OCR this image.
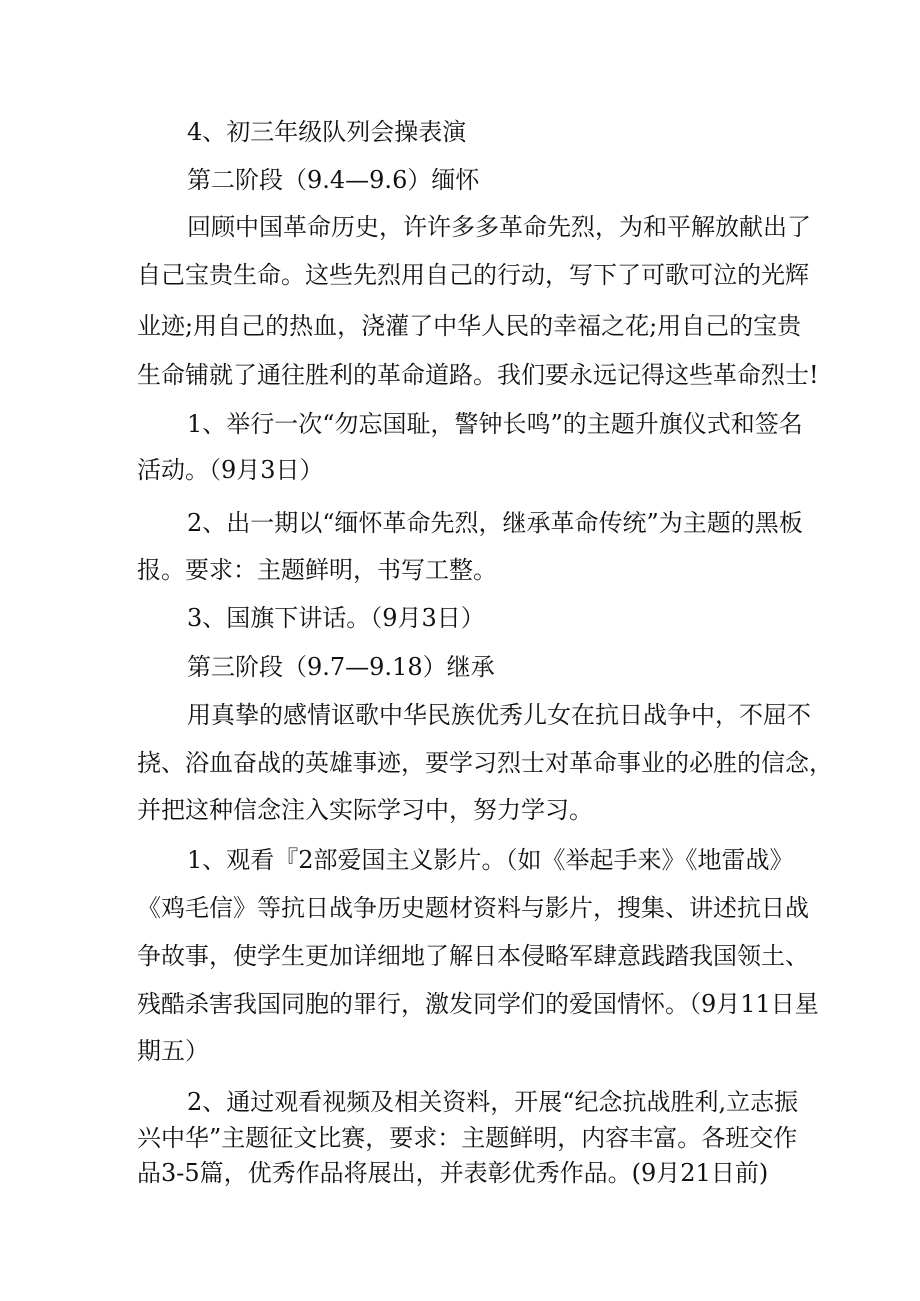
4、初三年级队列会操表演
第二阶段（9.4—9.6）缅怀
回顾中国革命历史，许许多多革命先烈，为和平解放献出了
自己宝贵生命。这些先烈用自己的行动，写下了可歌可泣的光辉
业迹;用自己的热血，浇灌了中华人民的幸福之花;用自己的宝贵
生命铺就了通往胜利的革命道路。我们要永远记得这些革命烈士!
1、举行一次“勿忘国耻，警钟长鸣”的主题升旗仪式和签名
活动。（9月3日）
2、出一期以“缅怀革命先烈，继承革命传统”为主题的黑板
报。要求：主题鲜明，书写工整。
3、国旗下讲话。（9月3日）
第三阶段（9.7—9.18）继承
用真挚的感情讴歌中华民族优秀儿女在抗日战争中，不屈不
挠、浴血奋战的英雄事迹，要学习烈士对革命事业的必胜的信念，
并把这种信念注入实际学习中，努力学习。
1、观看『2部爱国主义影片。（如《举起手来》《地雷战》
《鸡毛信》等抗日战争历史题材资料与影片，搜集、讲述抗日战
争故事，使学生更加详细地了解日本侵略军肆意践踏我国领土、
残酷杀害我国同胞的罪行，激发同学们的爱国情怀。（9月11日星
期五）
2、通过观看视频及相关资料，开展“纪念抗战胜利,立志振
兴中华”主题征文比赛，要求：主题鲜明，内容丰富。各班交作
品3-5篇，优秀作品将展出，并表彰优秀作品。(9月21日前)
